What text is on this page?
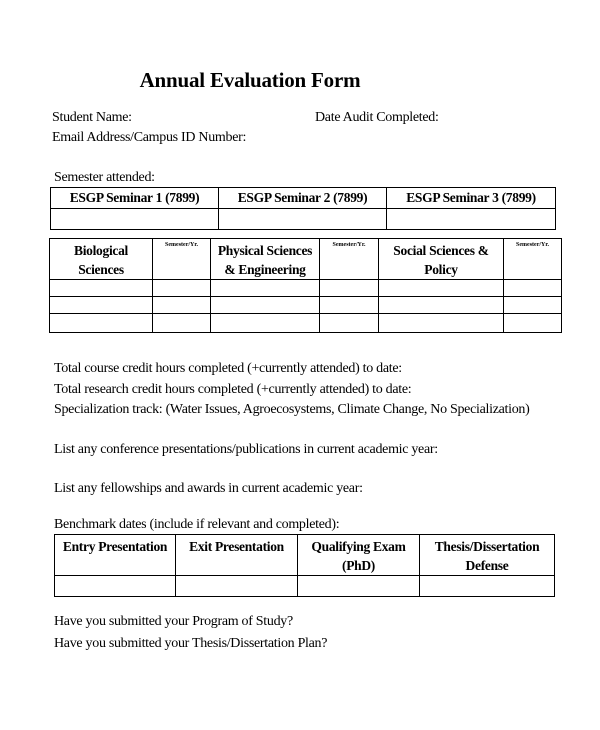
Annual Evaluation Form
Student Name:	Date Audit Completed:
Email Address/Campus ID Number:
Semester attended:
ESGP Seminar 1 (7899)	ESGP Seminar 2 (7899)	ESGP Seminar 3 (7899)

Biological Sciences	Semester/Yr.	Physical Sciences & Engineering	Semester/Yr.	Social Sciences & Policy	Semester/Yr.

Total course credit hours completed (+currently attended) to date:
Total research credit hours completed (+currently attended) to date:
Specialization track: (Water Issues, Agroecosystems, Climate Change, No Specialization)
List any conference presentations/publications in current academic year:
List any fellowships and awards in current academic year:
Benchmark dates (include if relevant and completed):
Entry Presentation	Exit Presentation	Qualifying Exam (PhD)	Thesis/Dissertation Defense

Have you submitted your Program of Study?
Have you submitted your Thesis/Dissertation Plan?
